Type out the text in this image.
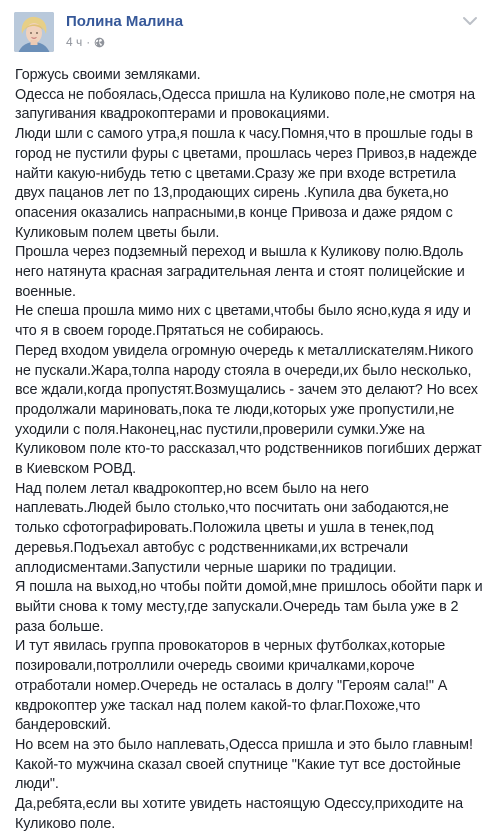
Полина Малина
4 ч ·

Горжусь своими земляками.

Одесса не побоялась,Одесса пришла на Куликово поле,не смотря на запугивания квадрокоптерами и провокациями.

Люди шли с самого утра,я пошла к часу.Помня,что в прошлые годы в город не пустили фуры с цветами, прошлась через Привоз,в надежде найти какую-нибудь тетю с цветами.Сразу же при входе встретила двух пацанов лет по 13,продающих сирень .Купила два букета,но опасения оказались напрасными,в конце Привоза и даже рядом с Куликовым полем цветы были.

Прошла через подземный переход и вышла к Куликову полю.Вдоль него натянута красная заградительная лента и стоят полицейские и военные.

Не спеша прошла мимо них с цветами,чтобы было ясно,куда я иду и что я в своем городе.Прятаться не собираюсь.

Перед входом увидела огромную очередь к металлискателям.Никого не пускали.Жара,толпа народу стояла в очереди,их было несколько, все ждали,когда пропустят.Возмущались - зачем это делают? Но всех продолжали мариновать,пока те люди,которых уже пропустили,не уходили с поля.Наконец,нас пустили,проверили сумки.Уже на Куликовом поле кто-то рассказал,что родственников погибших держат в Киевском РОВД.

Над полем летал квадрокоптер,но всем было на него наплевать.Людей было столько,что посчитать они забодаются,не только сфотографировать.Положила цветы и ушла в тенек,под деревья.Подъехал автобус с родственниками,их встречали аплодисментами.Запустили черные шарики по традиции.

Я пошла на выход,но чтобы пойти домой,мне пришлось обойти парк и выйти снова к тому месту,где запускали.Очередь там была уже в 2 раза больше.

И тут явилась группа провокаторов в черных футболках,которые позировали,потроллили очередь своими кричалками,короче отработали номер.Очередь не осталась в долгу "Героям сала!" А квдрокоптер уже таскал над полем какой-то флаг.Похоже,что бандеровский.

Но всем на это было наплевать,Одесса пришла и это было главным! Какой-то мужчина сказал своей спутнице "Какие тут все достойные люди".

Да,ребята,если вы хотите увидеть настоящую Одессу,приходите на Куликово поле.
